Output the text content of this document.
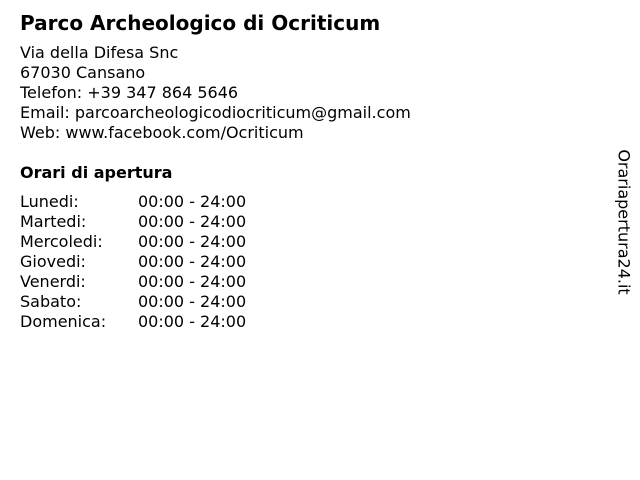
Parco Archeologico di Ocriticum
Via della Difesa Snc
67030 Cansano
Telefon: +39 347 864 5646
Email: parcoarcheologicodiocriticum@gmail.com
Web: www.facebook.com/Ocriticum
Orari di apertura
Lunedi:	00:00 - 24:00
Martedi:	00:00 - 24:00
Mercoledi:	00:00 - 24:00
Giovedi:	00:00 - 24:00
Venerdi:	00:00 - 24:00
Sabato:	00:00 - 24:00
Domenica:	00:00 - 24:00
Orariapertura24.it
